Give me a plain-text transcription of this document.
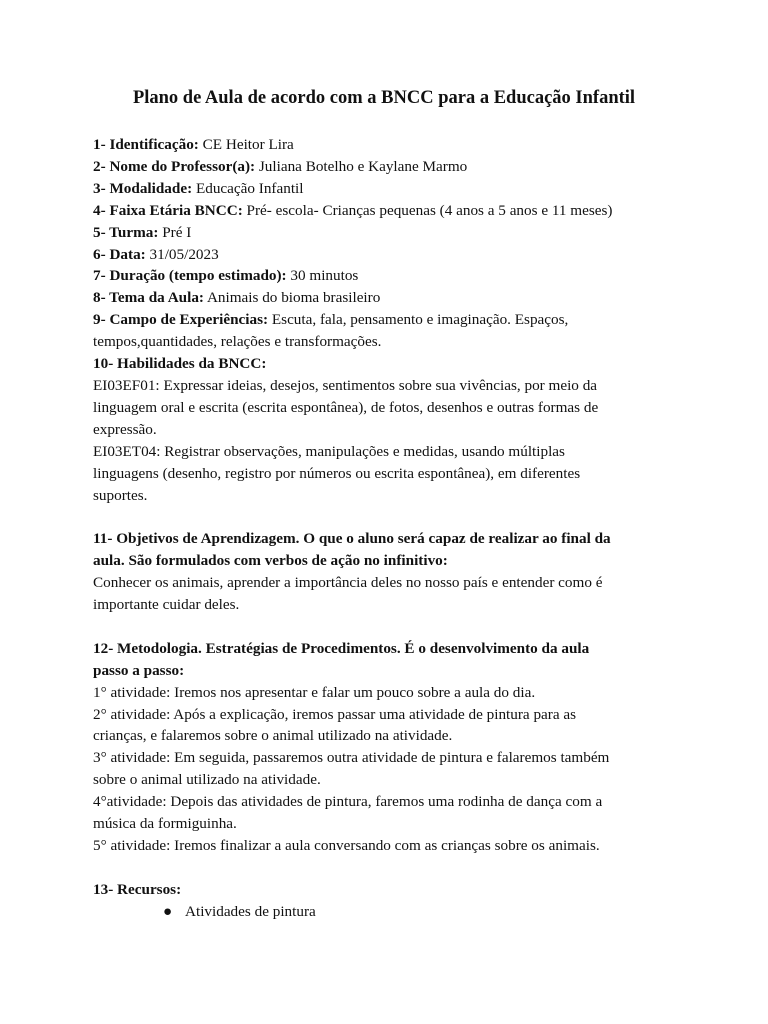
Plano de Aula de acordo com a BNCC para a Educação Infantil
1- Identificação: CE Heitor Lira
2- Nome do Professor(a): Juliana Botelho e Kaylane Marmo
3- Modalidade: Educação Infantil
4- Faixa Etária BNCC: Pré- escola- Crianças pequenas (4 anos a 5 anos e 11 meses)
5- Turma: Pré I
6- Data: 31/05/2023
7- Duração (tempo estimado): 30 minutos
8- Tema da Aula: Animais do bioma brasileiro
9- Campo de Experiências: Escuta, fala, pensamento e imaginação. Espaços,
tempos,quantidades, relações e transformações.
10- Habilidades da BNCC:
EI03EF01: Expressar ideias, desejos, sentimentos sobre sua vivências, por meio da
linguagem oral e escrita (escrita espontânea), de fotos, desenhos e outras formas de
expressão.
EI03ET04: Registrar observações, manipulações e medidas, usando múltiplas
linguagens (desenho, registro por números ou escrita espontânea), em diferentes
suportes.
11- Objetivos de Aprendizagem. O que o aluno será capaz de realizar ao final da
aula. São formulados com verbos de ação no infinitivo:
Conhecer os animais, aprender a importância deles no nosso país e entender como é
importante cuidar deles.
12- Metodologia. Estratégias de Procedimentos. É o desenvolvimento da aula
passo a passo:
1° atividade: Iremos nos apresentar e falar um pouco sobre a aula do dia.
2° atividade: Após a explicação, iremos passar uma atividade de pintura para as
crianças, e falaremos sobre o animal utilizado na atividade.
3° atividade: Em seguida, passaremos outra atividade de pintura e falaremos também
sobre o animal utilizado na atividade.
4°atividade: Depois das atividades de pintura, faremos uma rodinha de dança com a
música da formiguinha.
5° atividade: Iremos finalizar a aula conversando com as crianças sobre os animais.
13- Recursos:
● Atividades de pintura
